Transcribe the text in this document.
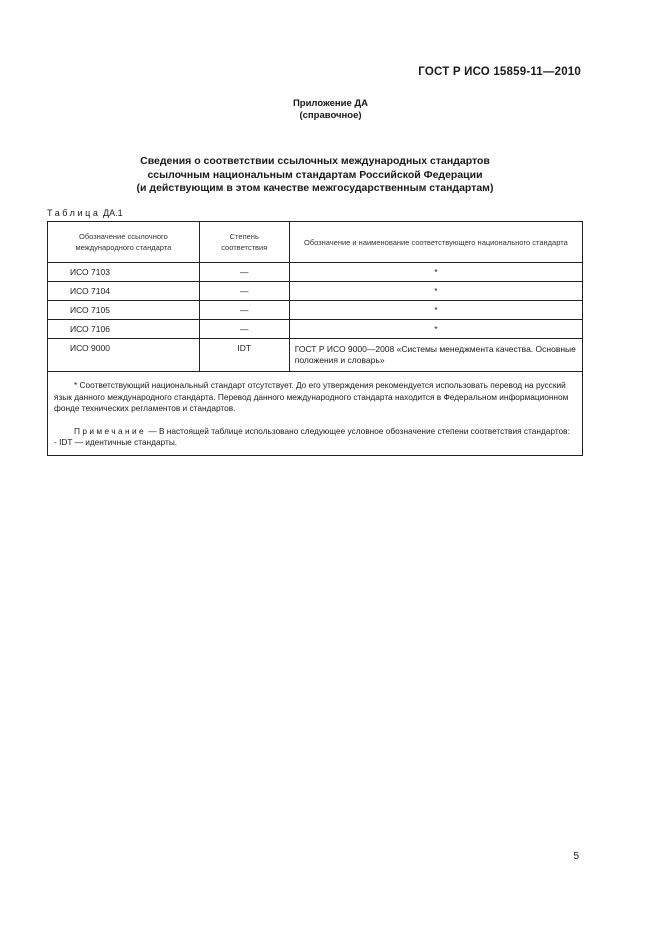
ГОСТ Р ИСО 15859-11—2010
Приложение ДА
(справочное)
Сведения о соответствии ссылочных международных стандартов
ссылочным национальным стандартам Российской Федерации
(и действующим в этом качестве межгосударственным стандартам)
Таблица ДА.1
Обозначение ссылочного международного стандарта	Степень соответствия	Обозначение и наименование соответствующего национального стандарта
ИСО 7103	—	*
ИСО 7104	—	*
ИСО 7105	—	*
ИСО 7106	—	*
ИСО 9000	IDT	ГОСТ Р ИСО 9000—2008 «Системы менеджмента качества. Основные положения и словарь»

* Соответствующий национальный стандарт отсутствует. До его утверждения рекомендуется использовать перевод на русский язык данного международного стандарта. Перевод данного международного стандарта находится в Федеральном информационном фонде технических регламентов и стандартов.

Примечание — В настоящей таблице использовано следующее условное обозначение степени соответствия стандартов:

- IDT — идентичные стандарты.		

5
